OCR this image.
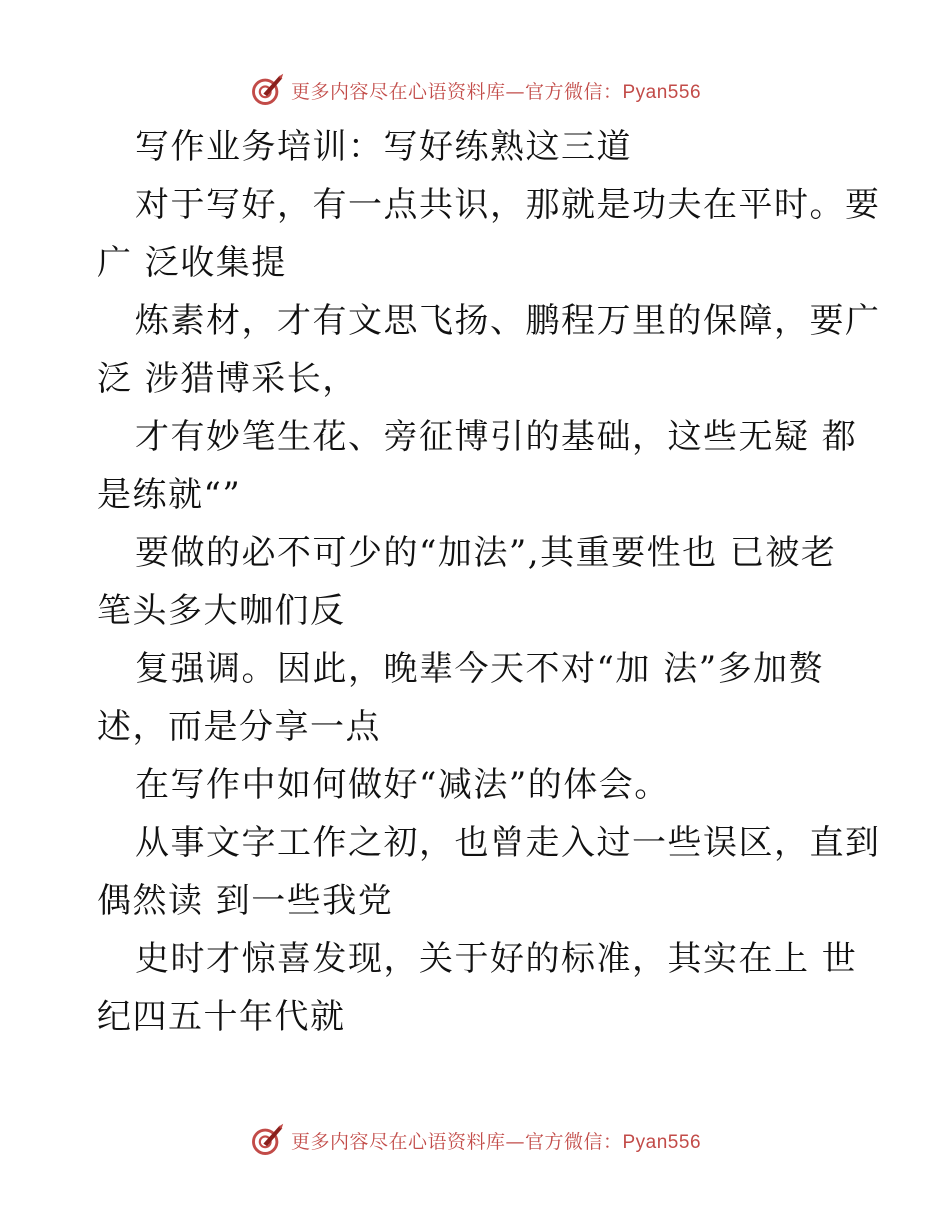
更多内容尽在心语资料库—官方微信：Pyan556
写作业务培训：写好练熟这三道
对于写好，有一点共识，那就是功夫在平时。要
广 泛收集提
炼素材，才有文思飞扬、鹏程万里的保障，要广
泛 涉猎博采长，
才有妙笔生花、旁征博引的基础，这些无疑 都
是练就“”
要做的必不可少的“加法”,其重要性也 已被老
笔头多大咖们反
复强调。因此，晚辈今天不对“加 法”多加赘
述，而是分享一点
在写作中如何做好“减法”的体会。
从事文字工作之初，也曾走入过一些误区，直到
偶然读 到一些我党
史时才惊喜发现，关于好的标准，其实在上 世
纪四五十年代就
更多内容尽在心语资料库—官方微信：Pyan556
